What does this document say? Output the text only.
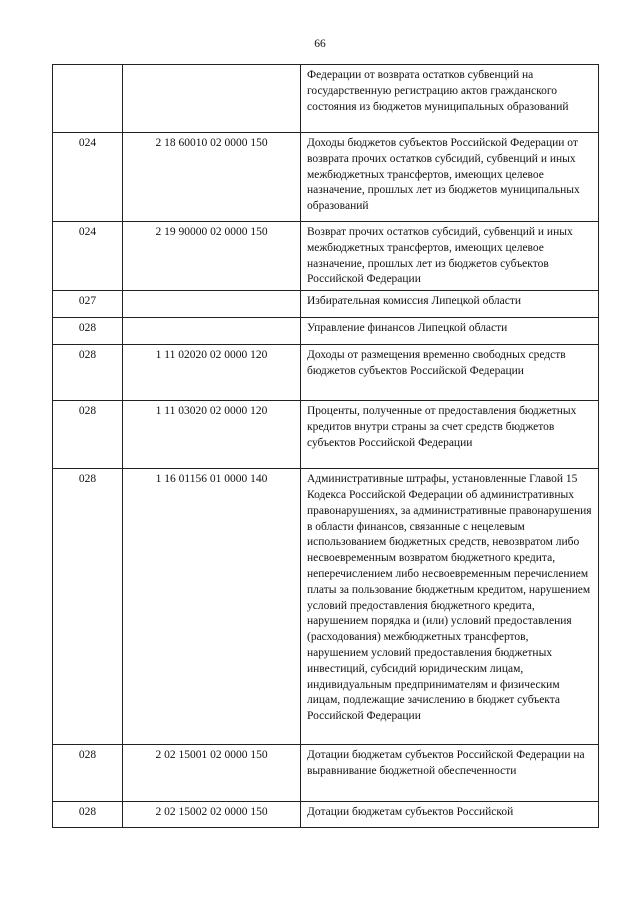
66
		Федерации от возврата остатков субвенций на государственную регистрацию актов гражданского состояния из бюджетов муниципальных образований
024	2 18 60010 02 0000 150	Доходы бюджетов субъектов Российской Федерации от возврата прочих остатков субсидий, субвенций и иных межбюджетных трансфертов, имеющих целевое назначение, прошлых лет из бюджетов муниципальных образований
024	2 19 90000 02 0000 150	Возврат прочих остатков субсидий, субвенций и иных межбюджетных трансфертов, имеющих целевое назначение, прошлых лет из бюджетов субъектов Российской Федерации
027		Избирательная комиссия Липецкой области
028		Управление финансов Липецкой области
028	1 11 02020 02 0000 120	Доходы от размещения временно свободных средств бюджетов субъектов Российской Федерации
028	1 11 03020 02 0000 120	Проценты, полученные от предоставления бюджетных кредитов внутри страны за счет средств бюджетов субъектов Российской Федерации
028	1 16 01156 01 0000 140	Административные штрафы, установленные Главой 15 Кодекса Российской Федерации об административных правонарушениях, за административные правонарушения в области финансов, связанные с нецелевым использованием бюджетных средств, невозвратом либо несвоевременным возвратом бюджетного кредита, неперечислением либо несвоевременным перечислением платы за пользование бюджетным кредитом, нарушением условий предоставления бюджетного кредита, нарушением порядка и (или) условий предоставления (расходования) межбюджетных трансфертов, нарушением условий предоставления бюджетных инвестиций, субсидий юридическим лицам, индивидуальным предпринимателям и физическим лицам, подлежащие зачислению в бюджет субъекта Российской Федерации
028	2 02 15001 02 0000 150	Дотации бюджетам субъектов Российской Федерации на выравнивание бюджетной обеспеченности
028	2 02 15002 02 0000 150	Дотации бюджетам субъектов Российской
